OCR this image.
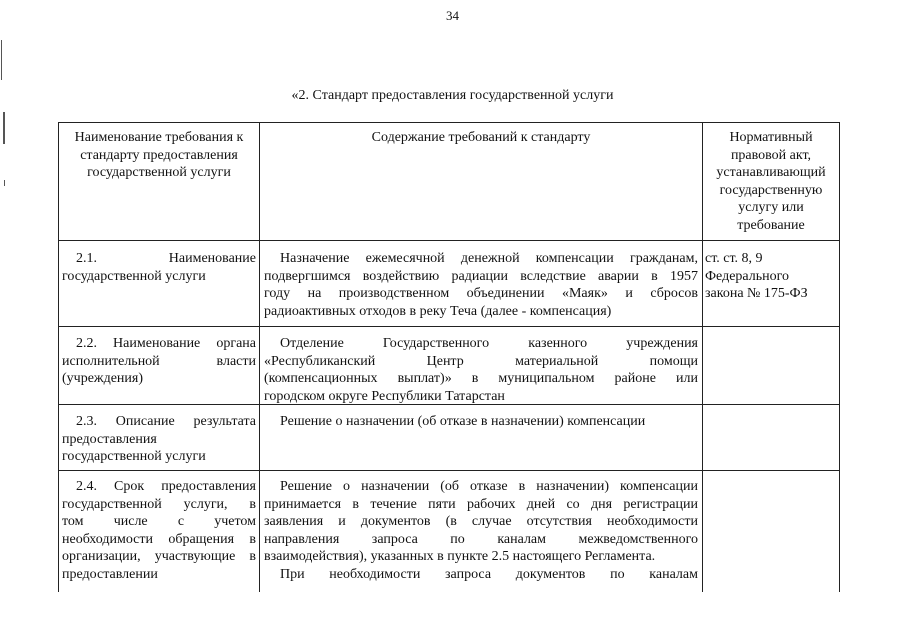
34
«2. Стандарт предоставления государственной услуги
Наименование требования к стандарту предоставления государственной услуги
Содержание требований к стандарту	Нормативный правовой акт, устанавливающий государственную услугу или требование
2.1. Наименование
государственной услуги
Назначение ежемесячной денежной компенсации гражданам,
подвергшимся воздействию радиации вследствие аварии в 1957
году на производственном объединении «Маяк» и сбросов
радиоактивных отходов в реку Теча (далее - компенсация)
ст. ст. 8, 9
Федерального
закона № 175-ФЗ
2.2. Наименование органа
исполнительной власти
(учреждения)
Отделение Государственного казенного учреждения
«Республиканский Центр материальной помощи
(компенсационных выплат)» в муниципальном районе или
городском округе Республики Татарстан
2.3. Описание результата
предоставления
государственной услуги
Решение о назначении (об отказе в назначении) компенсации
2.4. Срок предоставления
государственной услуги, в
том числе с учетом
необходимости обращения в
организации, участвующие в
предоставлении
Решение о назначении (об отказе в назначении) компенсации
принимается в течение пяти рабочих дней со дня регистрации
заявления и документов (в случае отсутствия необходимости
направления запроса по каналам межведомственного
взаимодействия), указанных в пункте 2.5 настоящего Регламента.
При необходимости запроса документов по каналам
